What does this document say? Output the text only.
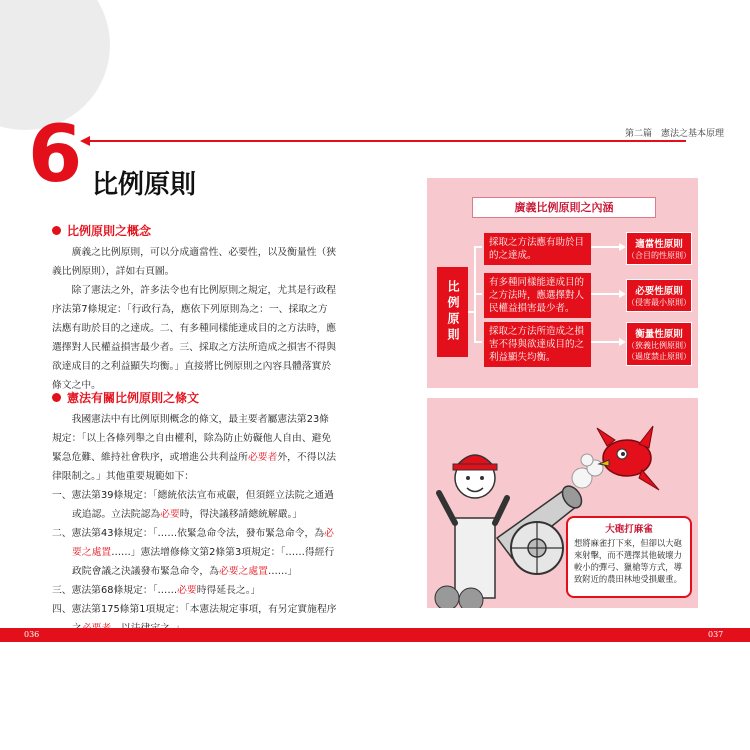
第二篇　憲法之基本原理
6 比例原則
比例原則之概念

廣義之比例原則，可以分成適當性、必要性，以及衡量性（狹義比例原則），詳如右頁圖。

除了憲法之外，許多法令也有比例原則之規定，尤其是行政程序法第7條規定：「行政行為，應依下列原則為之：一、採取之方法應有助於目的之達成。二、有多種同樣能達成目的之方法時，應選擇對人民權益損害最少者。三、採取之方法所造成之損害不得與欲達成目的之利益顯失均衡。」直接將比例原則之內容具體落實於條文之中。

憲法有關比例原則之條文

我國憲法中有比例原則概念的條文，最主要者屬憲法第23條規定：「以上各條列舉之自由權利，除為防止妨礙他人自由、避免緊急危難、維持社會秩序，或增進公共利益所必要者外，不得以法律限制之。」其他重要規範如下：

一、憲法第39條規定：「總統依法宣布戒嚴，但須經立法院之通過或追認。立法院認為必要時，得決議移請總統解嚴。」

二、憲法第43條規定：「……依緊急命令法，發布緊急命令，為必要之處置……」憲法增修條文第2條第3項規定：「……得經行政院會議之決議發布緊急命令，為必要之處置……」

三、憲法第68條規定：「……必要時得延長之。」

四、憲法第175條第1項規定：「本憲法規定事項，有另定實施程序

廣義比例原則之內涵
比例原則
採取之方法應有助於目的之達成。
有多種同樣能達成目的之方法時，應選擇對人民權益損害最少者。
採取之方法所造成之損害不得與欲達成目的之利益顯失均衡。
適當性原則
（合目的性原則）
必要性原則
（侵害最小原則）
衡量性原則
（狹義比例原則）
（過度禁止原則）
大砲打麻雀
想將麻雀打下來，但卻以大砲來射擊，而不選擇其他破壞力較小的彈弓、獵槍等方式，導致附近的農田林地受損嚴重。
036	037
